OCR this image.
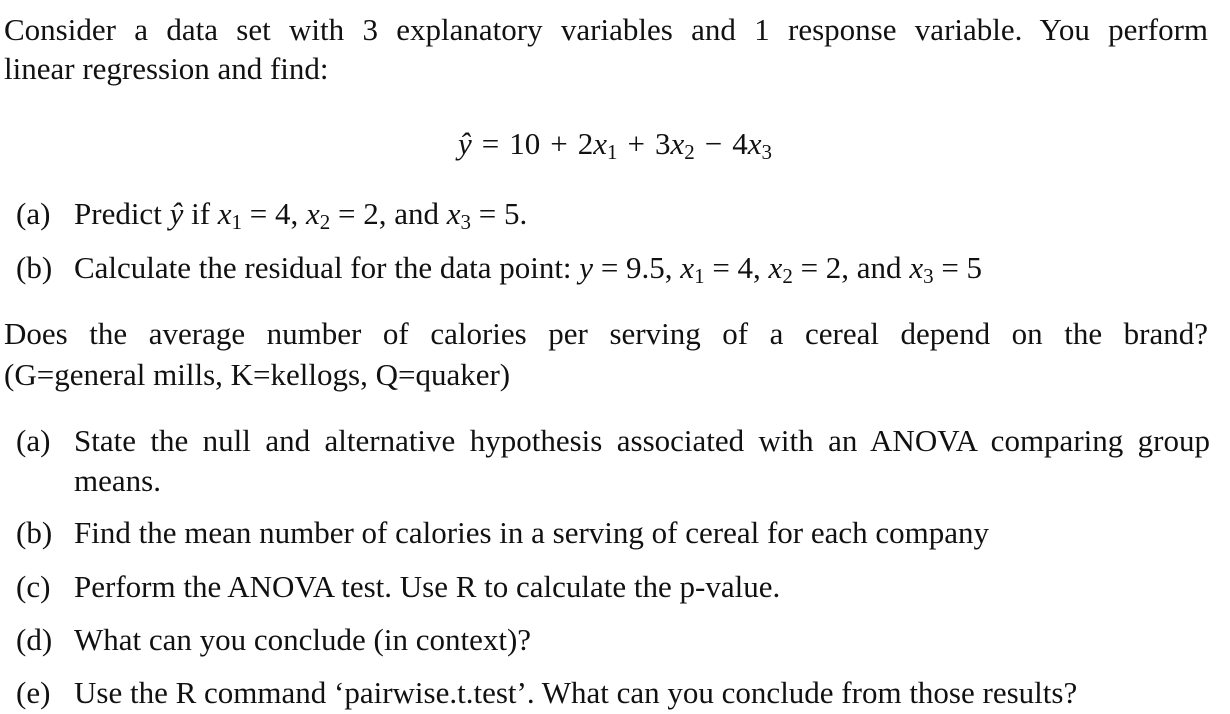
Consider a data set with 3 explanatory variables and 1 response variable. You perform
linear regression and find:
ŷ = $10 + 2x_1 + 3x_2 - 4x_3$
(a) Predict ŷ if $x_1 = 4$, $x_2 = 2$, and $x_3 = 5$.
(b) Calculate the residual for the data point: y = 9.5, $x_1 = 4$, $x_2 = 2$, and $x_3 = 5$
Does the average number of calories per serving of a cereal depend on the brand?
(G=general mills, K=kellogs, Q=quaker)
(a) State the null and alternative hypothesis associated with an ANOVA comparing group means.
(b) Find the mean number of calories in a serving of cereal for each company
(c) Perform the ANOVA test. Use R to calculate the p-value.
(d) What can you conclude (in context)?
(e) Use the R command ‘pairwise.t.test’. What can you conclude from those results?
